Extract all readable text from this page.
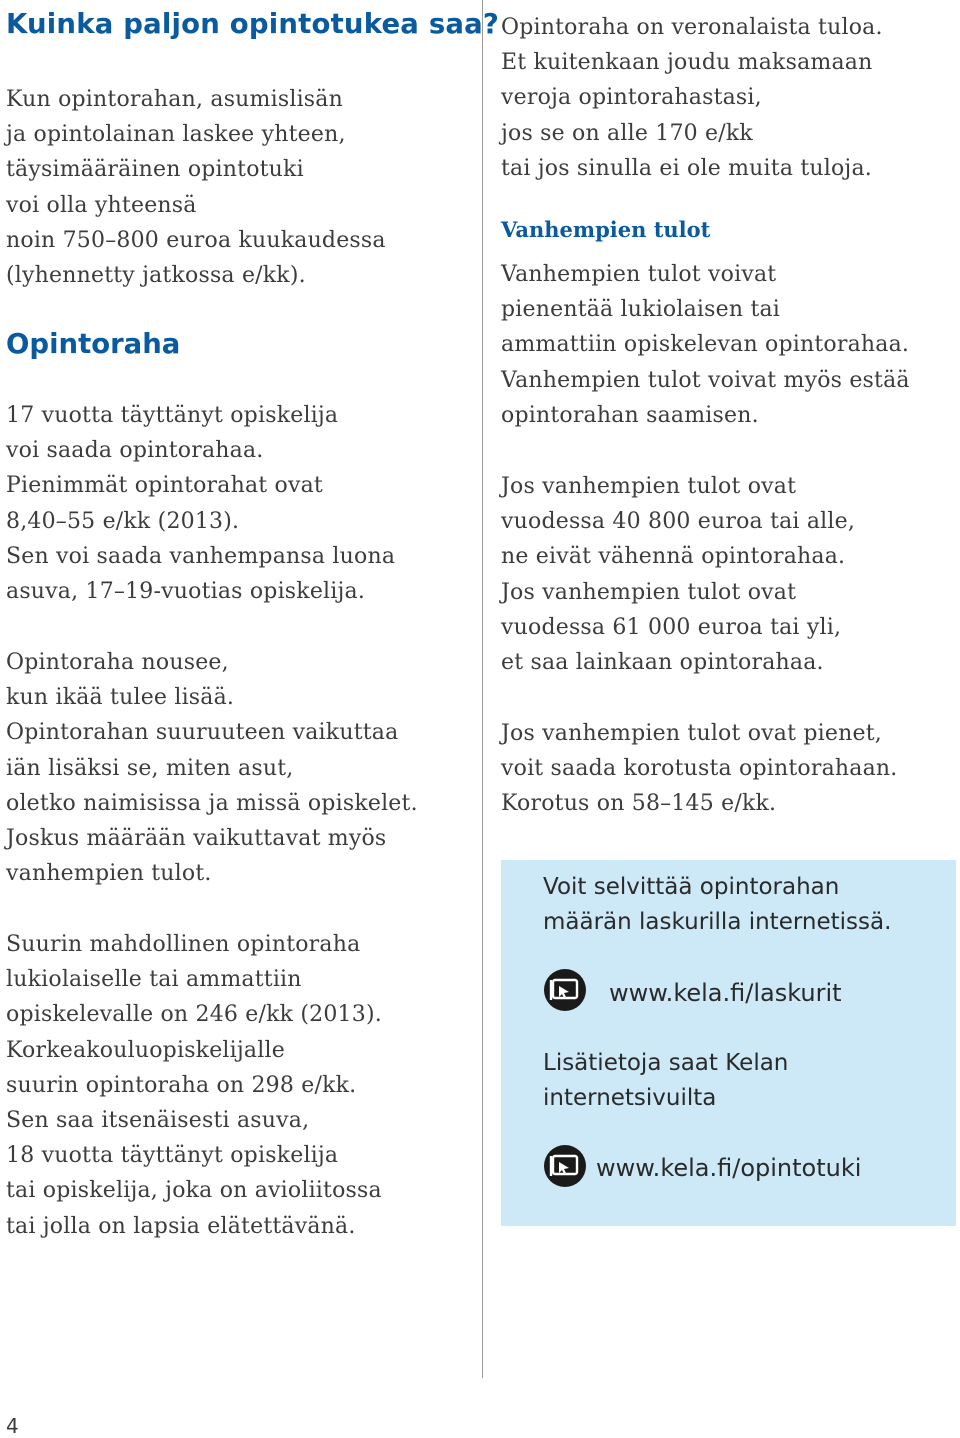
Kuinka paljon opintotukea saa?
Kun opintorahan, asumislisän
ja opintolainan laskee yhteen,
täysimääräinen opintotuki
voi olla yhteensä
noin 750–800 euroa kuukaudessa
(lyhennetty jatkossa e/kk).
Opintoraha
17 vuotta täyttänyt opiskelija
voi saada opintorahaa.
Pienimmät opintorahat ovat
8,40–55 e/kk (2013).
Sen voi saada vanhempansa luona
asuva, 17–19-vuotias opiskelija.
Opintoraha nousee,
kun ikää tulee lisää.
Opintorahan suuruuteen vaikuttaa
iän lisäksi se, miten asut,
oletko naimisissa ja missä opiskelet.
Joskus määrään vaikuttavat myös
vanhempien tulot.
Suurin mahdollinen opintoraha
lukiolaiselle tai ammattiin
opiskelevalle on 246 e/kk (2013).
Korkeakouluopiskelijalle
suurin opintoraha on 298 e/kk.
Sen saa itsenäisesti asuva,
18 vuotta täyttänyt opiskelija
tai opiskelija, joka on avioliitossa
tai jolla on lapsia elätettävänä.
Opintoraha on veronalaista tuloa.
Et kuitenkaan joudu maksamaan
veroja opintorahastasi,
jos se on alle 170 e/kk
tai jos sinulla ei ole muita tuloja.
Vanhempien tulot
Vanhempien tulot voivat
pienentää lukiolaisen tai
ammattiin opiskelevan opintorahaa.
Vanhempien tulot voivat myös estää
opintorahan saamisen.
Jos vanhempien tulot ovat
vuodessa 40 800 euroa tai alle,
ne eivät vähennä opintorahaa.
Jos vanhempien tulot ovat
vuodessa 61 000 euroa tai yli,
et saa lainkaan opintorahaa.
Jos vanhempien tulot ovat pienet,
voit saada korotusta opintorahaan.
Korotus on 58–145 e/kk.
Voit selvittää opintorahan
määrän laskurilla internetissä.
www.kela.fi/laskurit
Lisätietoja saat Kelan
internetsivuilta
www.kela.fi/opintotuki
4
